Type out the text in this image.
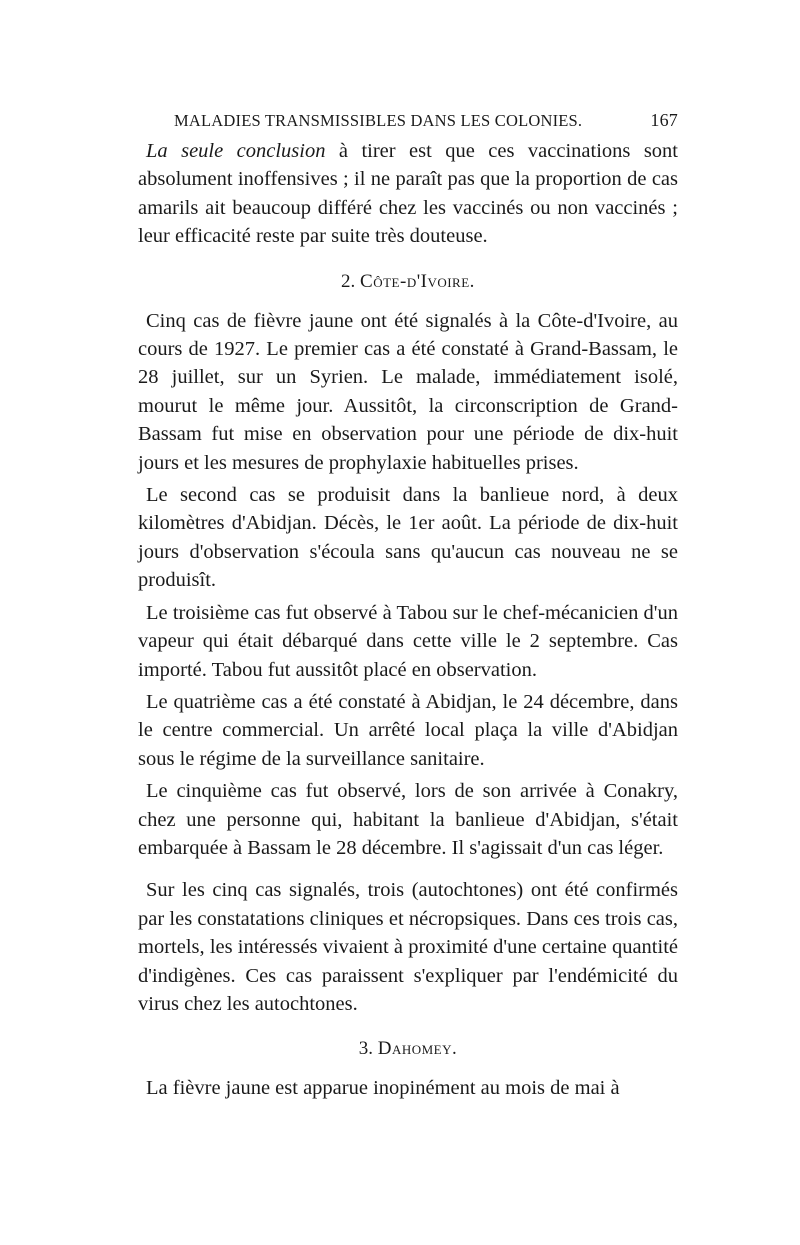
MALADIES TRANSMISSIBLES DANS LES COLONIES.	167

La seule conclusion à tirer est que ces vaccinations sont absolument inoffensives ; il ne paraît pas que la proportion de cas amarils ait beaucoup différé chez les vaccinés ou non vaccinés ; leur efficacité reste par suite très douteuse.

2. Côte-d'Ivoire.

Cinq cas de fièvre jaune ont été signalés à la Côte-d'Ivoire, au cours de 1927. Le premier cas a été constaté à Grand-Bassam, le 28 juillet, sur un Syrien. Le malade, immédiatement isolé, mourut le même jour. Aussitôt, la circonscription de Grand-Bassam fut mise en observation pour une période de dix-huit jours et les mesures de prophylaxie habituelles prises.

Le second cas se produisit dans la banlieue nord, à deux kilomètres d'Abidjan. Décès, le 1er août. La période de dix-huit jours d'observation s'écoula sans qu'aucun cas nouveau ne se produisît.

Le troisième cas fut observé à Tabou sur le chef-mécanicien d'un vapeur qui était débarqué dans cette ville le 2 septembre. Cas importé. Tabou fut aussitôt placé en observation.

Le quatrième cas a été constaté à Abidjan, le 24 décembre, dans le centre commercial. Un arrêté local plaça la ville d'Abidjan sous le régime de la surveillance sanitaire.

Le cinquième cas fut observé, lors de son arrivée à Conakry, chez une personne qui, habitant la banlieue d'Abidjan, s'était embarquée à Bassam le 28 décembre. Il s'agissait d'un cas léger.

Sur les cinq cas signalés, trois (autochtones) ont été confirmés par les constatations cliniques et nécropsiques. Dans ces trois cas, mortels, les intéressés vivaient à proximité d'une certaine quantité d'indigènes. Ces cas paraissent s'expliquer par l'endémicité du virus chez les autochtones.

3. Dahomey.

La fièvre jaune est apparue inopinément au mois de mai à
